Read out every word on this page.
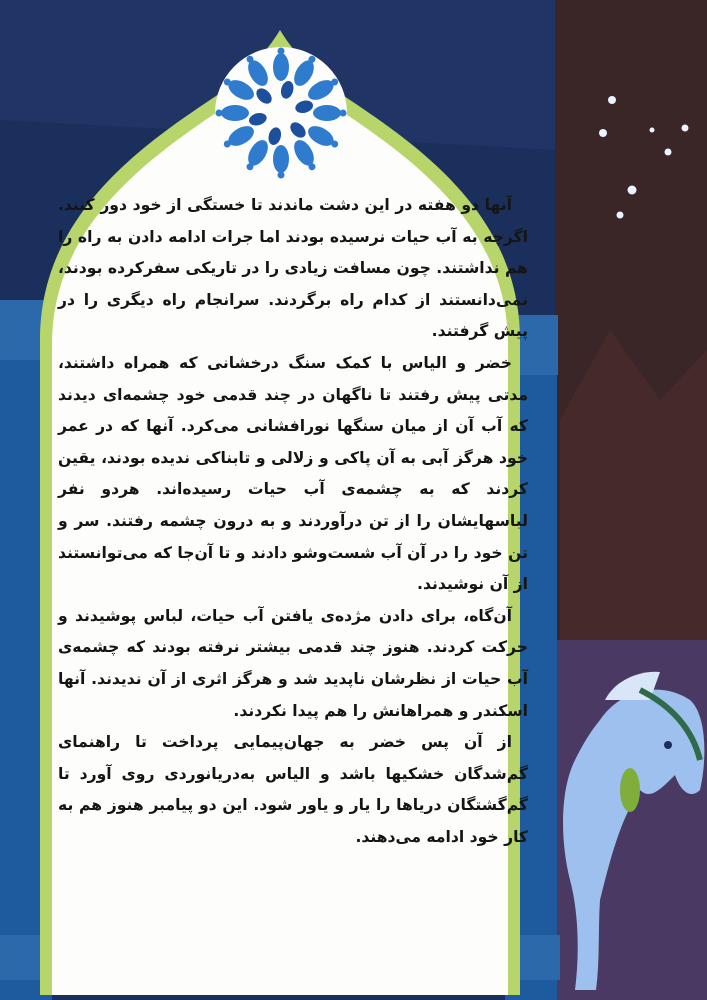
آنها دو هفته در این دشت ماندند تا خستگی از خود دور کنند. اگرچه به آب حیات نرسیده بودند اما جرات ادامه دادن به راه را هم نداشتند. چون مسافت زیادی را در تاریکی سفرکرده بودند، نمی‌دانستند از کدام راه برگردند. سرانجام راه دیگری را در پیش گرفتند.

خضر و الیاس با کمک سنگ درخشانی که همراه داشتند، مدتی پیش رفتند تا ناگهان در چند قدمی خود چشمه‌ای دیدند که آب آن از میان سنگها نورافشانی می‌کرد. آنها که در عمر خود هرگز آبی به آن پاکی و زلالی و تابناکی ندیده بودند، یقین کردند که به چشمه‌ی آب حیات رسیده‌اند. هردو نفر لباسهایشان را از تن درآوردند و به درون چشمه رفتند. سر و تن خود را در آن آب شست‌وشو دادند و تا آن‌جا که می‌توانستند از آن نوشیدند.

آن‌گاه، برای دادن مژده‌ی یافتن آب حیات، لباس پوشیدند و حرکت کردند. هنوز چند قدمی بیشتر نرفته بودند که چشمه‌ی آب حیات از نظرشان ناپدید شد و هرگز اثری از آن ندیدند. آنها اسکندر و همراهانش را هم پیدا نکردند.

از آن پس خضر به جهان‌پیمایی پرداخت تا راهنمای گم‌شدگان خشکیها باشد و الیاس به‌دریانوردی روی آورد تا گم‌گشتگان دریاها را یار و یاور شود. این دو پیامبر هنوز هم به کار خود ادامه می‌دهند.
